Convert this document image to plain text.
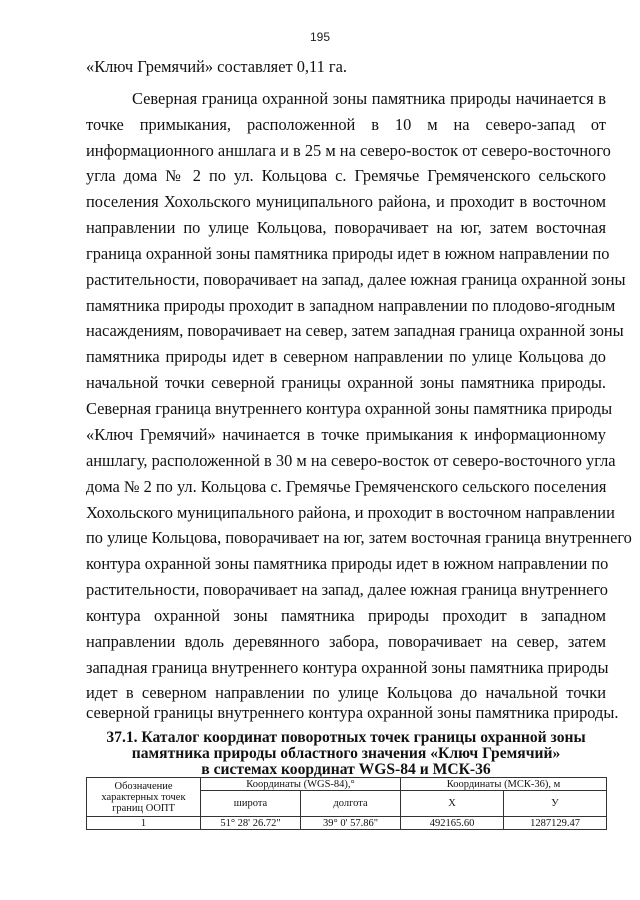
195
«Ключ Гремячий» составляет 0,11 га.
Северная граница охранной зоны памятника природы начинается в
точке примыкания, расположенной в 10 м на северо-запад от
информационного аншлага и в 25 м на северо-восток от северо-восточного
угла дома № 2 по ул. Кольцова с. Гремячье Гремяченского сельского
поселения Хохольского муниципального района, и проходит в восточном
направлении по улице Кольцова, поворачивает на юг, затем восточная
граница охранной зоны памятника природы идет в южном направлении по
растительности, поворачивает на запад, далее южная граница охранной зоны
памятника природы проходит в западном направлении по плодово-ягодным
насаждениям, поворачивает на север, затем западная граница охранной зоны
памятника природы идет в северном направлении по улице Кольцова до
начальной точки северной границы охранной зоны памятника природы.
Северная граница внутреннего контура охранной зоны памятника природы
«Ключ Гремячий» начинается в точке примыкания к информационному
аншлагу, расположенной в 30 м на северо-восток от северо-восточного угла
дома № 2 по ул. Кольцова с. Гремячье Гремяченского сельского поселения
Хохольского муниципального района, и проходит в восточном направлении
по улице Кольцова, поворачивает на юг, затем восточная граница внутреннего
контура охранной зоны памятника природы идет в южном направлении по
растительности, поворачивает на запад, далее южная граница внутреннего
контура охранной зоны памятника природы проходит в западном
направлении вдоль деревянного забора, поворачивает на север, затем
западная граница внутреннего контура охранной зоны памятника природы
идет в северном направлении по улице Кольцова до начальной точки
северной границы внутреннего контура охранной зоны памятника природы.
37.1. Каталог координат поворотных точек границы охранной зоны
памятника природы областного значения «Ключ Гремячий»
в системах координат WGS-84 и МСК-36
Обозначение характерных точек границ ООПТ	Координаты (WGS-84),°		Координаты (МСК-36), м	
	широта	долгота	X	У
1	51° 28' 26.72"	39° 0' 57.86"	492165.60	1287129.47
